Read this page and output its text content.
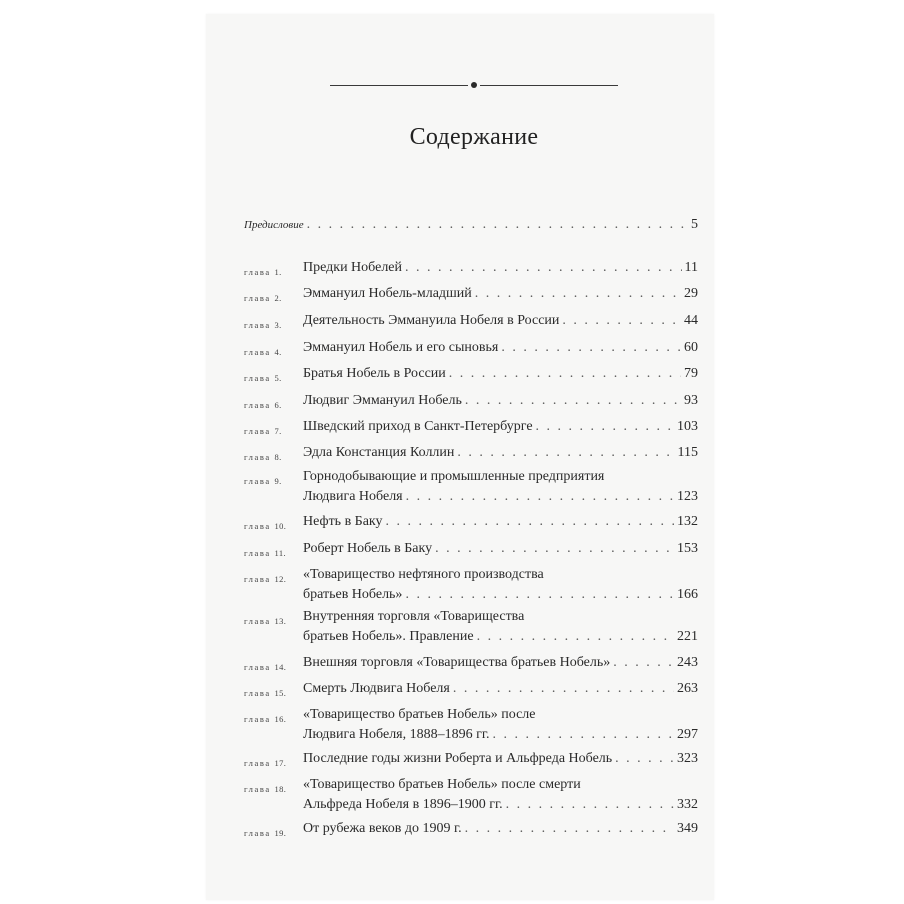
Содержание
Предисловие . . .	5
глава 1. Предки Нобелей . . .	11
глава 2. Эммануил Нобель-младший . . .	29
глава 3. Деятельность Эммануила Нобеля в России . . .	44
глава 4. Эммануил Нобель и его сыновья . . .	60
глава 5. Братья Нобель в России . . .	79
глава 6. Людвиг Эммануил Нобель . . .	93
глава 7. Шведский приход в Санкт-Петербурге . . .	103
глава 8. Эдла Констанция Коллин . . .	115
глава 9. Горнодобывающие и промышленные предприятия
Людвига Нобеля . . .	123
глава 10. Нефть в Баку . . .	132
глава 11. Роберт Нобель в Баку . . .	153
глава 12. «Товарищество нефтяного производства
братьев Нобель» . . .	166
глава 13. Внутренняя торговля «Товарищества
братьев Нобель». Правление . . .	221
глава 14. Внешняя торговля «Товарищества братьев Нобель» . . .	243
глава 15. Смерть Людвига Нобеля . . .	263
глава 16. «Товарищество братьев Нобель» после
Людвига Нобеля, 1888–1896 гг. . . .	297
глава 17. Последние годы жизни Роберта и Альфреда Нобель . . .	323
глава 18. «Товарищество братьев Нобель» после смерти
Альфреда Нобеля в 1896–1900 гг. . . .	332
глава 19. От рубежа веков до 1909 г. . . .	349
